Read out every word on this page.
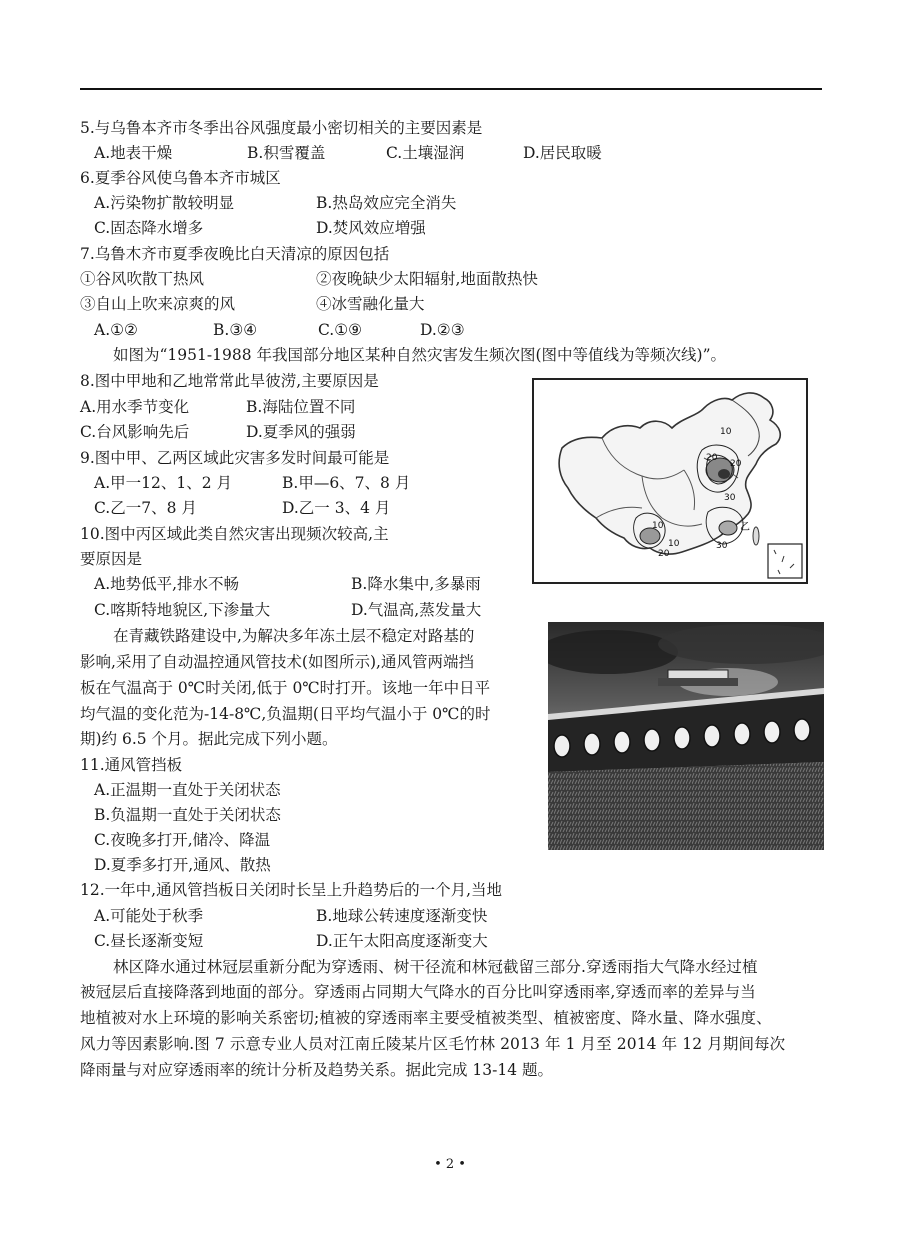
5.与乌鲁本齐市冬季出谷风强度最小密切相关的主要因素是
A.地表干燥	B.积雪覆盖	C.土壤湿润	D.居民取暖
6.夏季谷风使乌鲁本齐市城区
A.污染物扩散较明显	B.热岛效应完全消失
C.固态降水增多	D.焚风效应増强
7.乌鲁木齐市夏季夜晚比白天清凉的原因包括
①谷风吹散丅热风	②夜晚缺少太阳辐射,地面散热快
③自山上吹来凉爽的风	④冰雪融化量大
A.①②	B.③④	C.①⑨	D.②③
如图为“1951-1988 年我国部分地区某种自然灾害发生频次图(图中等值线为等频次线)”。
8.图中甲地和乙地常常此旱彼涝,主要原因是
A.用水季节变化	B.海陆位置不同
C.台风影响先后	D.夏季风的强弱
9.图中甲、乙两区域此灾害多发时间最可能是
A.甲一12、1、2 月	B.甲—6、7、8 月
C.乙一7、8 月	D.乙一 3、4 月
10.图中丙区域此类自然灾害出现频次较高,主
要原因是
A.地势低平,排水不畅	B.降水集中,多暴雨
C.喀斯特地貌区,下渗量大	D.气温高,蒸发量大
在青藏铁路建设中,为解决多年冻土层不稳定对路基的
影响,采用了自动温控通风管技术(如图所示),通风管两端挡
板在气温高于 0℃时关闭,低于 0℃时打开。该地一年中日平
均气温的变化范为-14-8℃,负温期(日平均气温小于 0℃的时
期)约 6.5 个月。据此完成下列小题。
11.通风管挡板
A.正温期一直处于关闭状态
B.负温期一直处于关闭状态
C.夜晚多打开,储冷、降温
D.夏季多打开,通风、散热
12.一年中,通风管挡板日关闭时长呈上升趋势后的一个月,当地
A.可能处于秋季	B.地球公转速度逐渐变快
C.昼长逐渐变短	D.正午太阳高度逐渐变大
林区降水通过林冠层重新分配为穿透雨、树干径流和林冠截留三部分.穿透雨指大气降水经过植
被冠层后直接降落到地面的部分。穿透雨占同期大气降水的百分比叫穿透雨率,穿透而率的差异与当
地植被对水上环境的影响关系密切;植被的穿透雨率主要受植被类型、植被密度、降水量、降水强度、
风力等因素影响.图 7 示意专业人员对江南丘陵某片区毛竹林 2013 年 1 月至 2014 年 12 月期间每次
降雨量与对应穿透雨率的统计分析及趋势关系。据此完成 13-14 题。
10
20
20
10
30
10
20
30
乙
• 2 •
